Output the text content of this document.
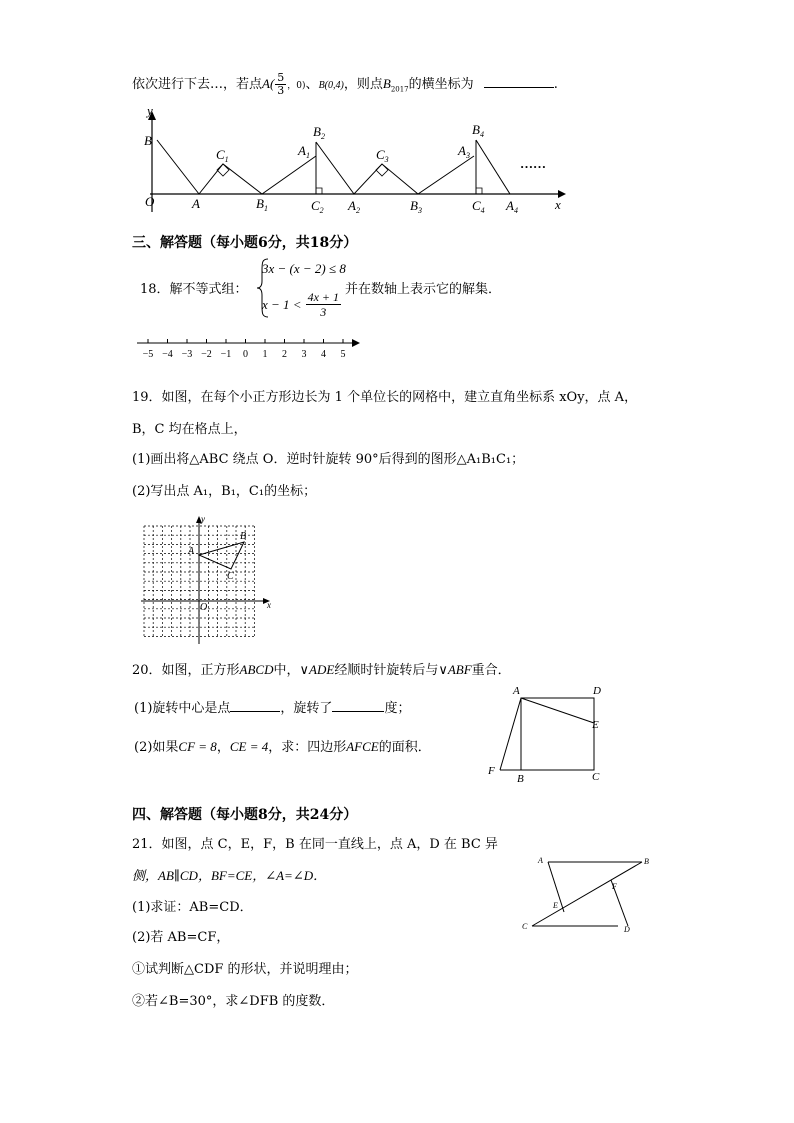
依次进行下去…，若点$A( \frac{5}{3}$ ，0)、B(0,4)，则点$B_{2017}$的横坐标为	.
y
x
O
B
A
$C_1$
$B_1$
$A_1$
$B_2$
$C_2$ $A_2$
$C_3$
$B_3$
$A_3$
$B_4$
$C_4$ $A_4$
……
三、解答题（每小题6分，共18分）
18．解不等式组：
3x − (x − 2) ≤ 8
$x - 1 < \frac{4x + 1}{3}$
并在数轴上表示它的解集．
−5 −4 −3 −2 −1 0 1 2 3 4 5
19．如图，在每个小正方形边长为 1 个单位长的网格中，建立直角坐标系 xOy，点 A，
B，C 均在格点上，
(1)画出将△ABC 绕点 O．逆时针旋转 90°后得到的图形△A₁B₁C₁；
(2)写出点 A₁，B₁，C₁的坐标；
y
x
O
A
B
C
20．如图，正方形ABCD中，∨ADE经顺时针旋转后与∨ABF重合．
(1)旋转中心是点	，旋转了	度；
(2)如果CF = 8，CE = 4，求：四边形AFCE的面积．
A	D
E
F
B	C
四、解答题（每小题8分，共24分）
21．如图，点 C，E，F，B 在同一直线上，点 A，D 在 BC 异
侧，AB∥CD，BF=CE，∠A=∠D．
(1)求证：AB=CD．
(2)若 AB=CF，
①试判断△CDF 的形状，并说明理由；
②若∠B=30°，求∠DFB 的度数．
A	B
C	D
E
F
